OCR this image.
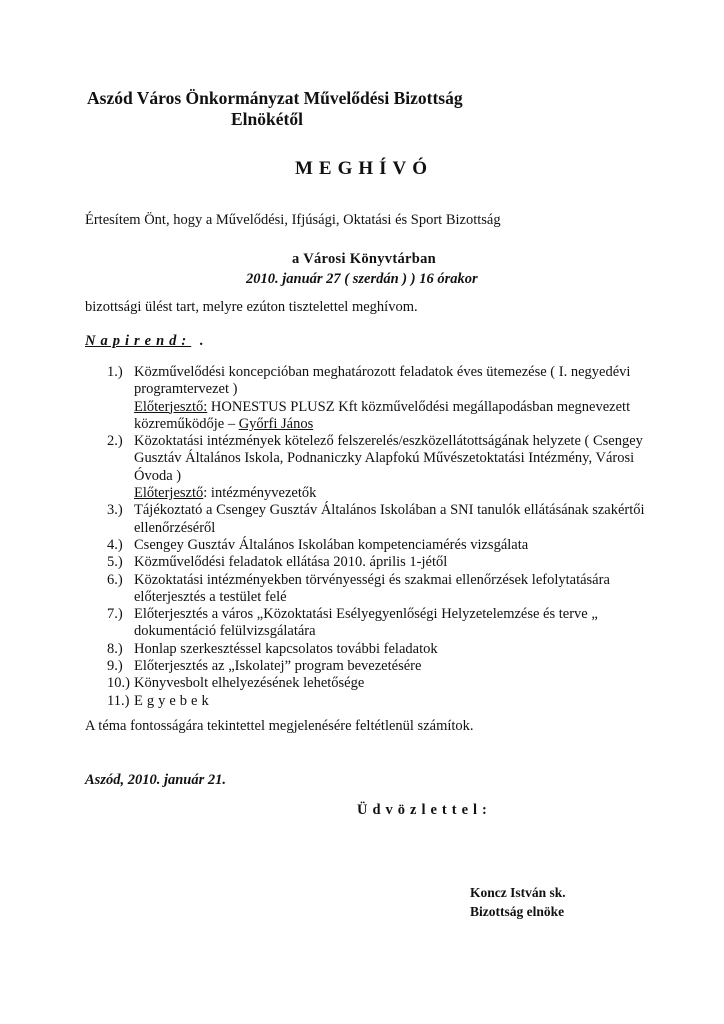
Aszód Város Önkormányzat Művelődési Bizottság
Elnökétől
MEGHÍVÓ
Értesítem Önt, hogy a Művelődési, Ifjúsági, Oktatási és Sport Bizottság
a Városi Könyvtárban
2010. január 27 ( szerdán ) ) 16 órakor
bizottsági ülést tart, melyre ezúton tisztelettel meghívom.
Napirend: .
1.) Közművelődési koncepcióban meghatározott feladatok éves ütemezése ( I. negyedévi programtervezet )
Előterjesztő: HONESTUS PLUSZ Kft közművelődési megállapodásban megnevezett közreműködője – Győrfi János
2.) Közoktatási intézmények kötelező felszerelés/eszközellátottságának helyzete ( Csengey Gusztáv Általános Iskola, Podnaniczky Alapfokú Művészetoktatási Intézmény, Városi Óvoda )
Előterjesztő: intézményvezetők
3.) Tájékoztató a Csengey Gusztáv Általános Iskolában a SNI tanulók ellátásának szakértői ellenőrzéséről
4.) Csengey Gusztáv Általános Iskolában kompetenciamérés vizsgálata
5.) Közművelődési feladatok ellátása 2010. április 1-jétől
6.) Közoktatási intézményekben törvényességi és szakmai ellenőrzések lefolytatására előterjesztés a testület felé
7.) Előterjesztés a város „Közoktatási Esélyegyenlőségi Helyzetelemzése és terve „ dokumentáció felülvizsgálatára
8.) Honlap szerkesztéssel kapcsolatos további feladatok
9.) Előterjesztés az „Iskolatej” program bevezetésére
10.) Könyvesbolt elhelyezésének lehetősége
11.) Egyebek
A téma fontosságára tekintettel megjelenésére feltétlenül számítok.
Aszód, 2010. január 21.
Üdvözlettel:
Koncz István sk.
Bizottság elnöke
